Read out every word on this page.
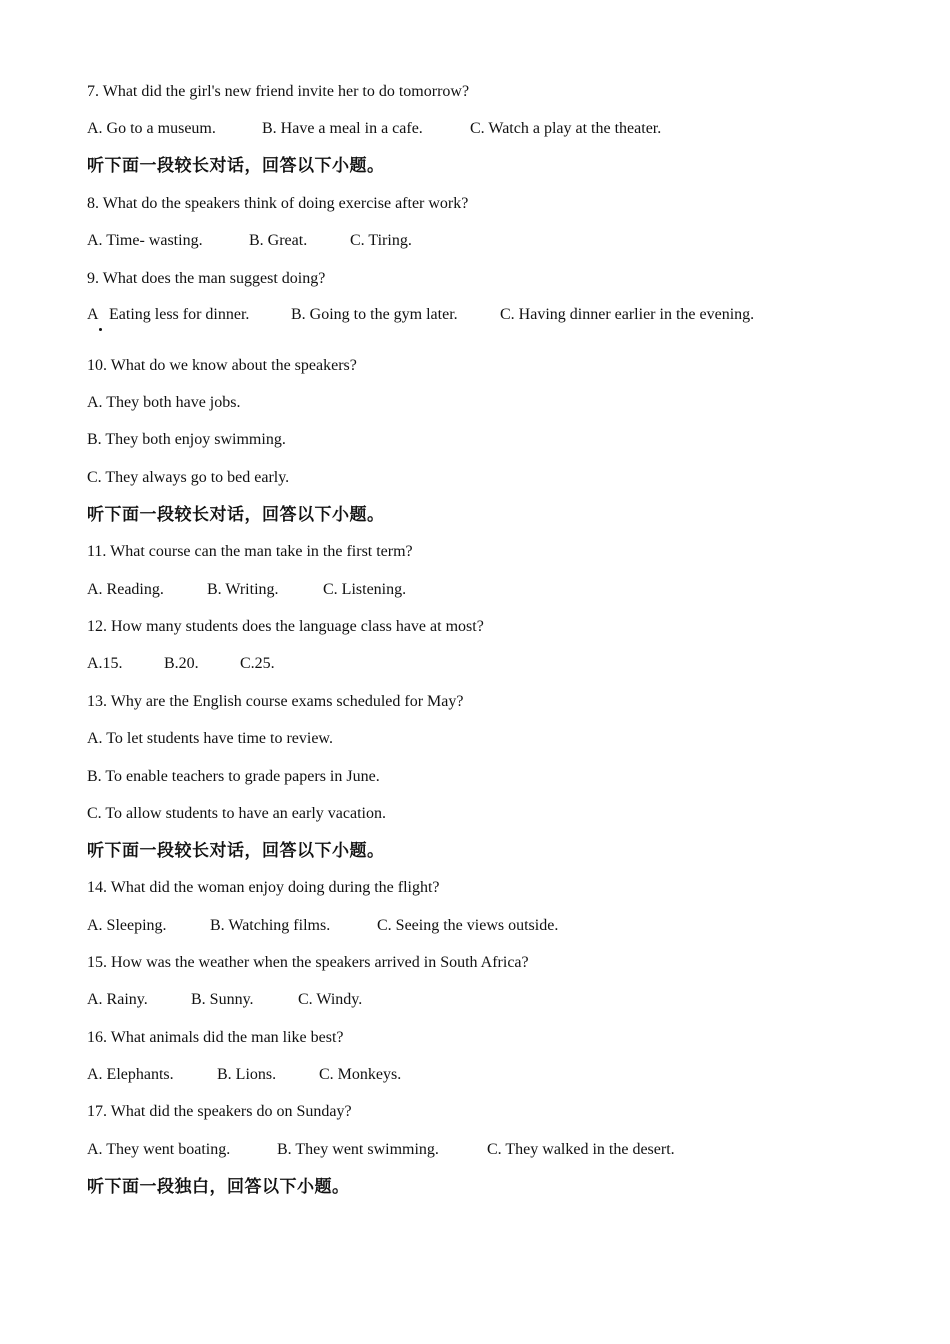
7. What did the girl's new friend invite her to do tomorrow?

A. Go to a museum.

	B. Have a meal in a cafe.

	C. Watch a play at the theater.

听下面一段较长对话，回答以下小题。
8. What do the speakers think of doing exercise after work?

A. Time- wasting.

	B. Great.

	C. Tiring.

9. What does the man suggest doing?

A

Eating less for dinner.

	B. Going to the gym later.

	C. Having dinner earlier in the evening.

10. What do we know about the speakers?
A. They both have jobs.
B. They both enjoy swimming.
C. They always go to bed early.
听下面一段较长对话，回答以下小题。
11. What course can the man take in the first term?

A. Reading.

	B. Writing.

	C. Listening.

12. How many students does the language class have at most?

A.15.

	B.20.

	C.25.

13. Why are the English course exams scheduled for May?
A. To let students have time to review.
B. To enable teachers to grade papers in June.
C. To allow students to have an early vacation.
听下面一段较长对话，回答以下小题。
14. What did the woman enjoy doing during the flight?

A. Sleeping.

	B. Watching films.

	C. Seeing the views outside.

15. How was the weather when the speakers arrived in South Africa?

A. Rainy.

	B. Sunny.

	C. Windy.

16. What animals did the man like best?

A. Elephants.

	B. Lions.

	C. Monkeys.

17. What did the speakers do on Sunday?

A. They went boating.

	B. They went swimming.

	C. They walked in the desert.

听下面一段独白，回答以下小题。
